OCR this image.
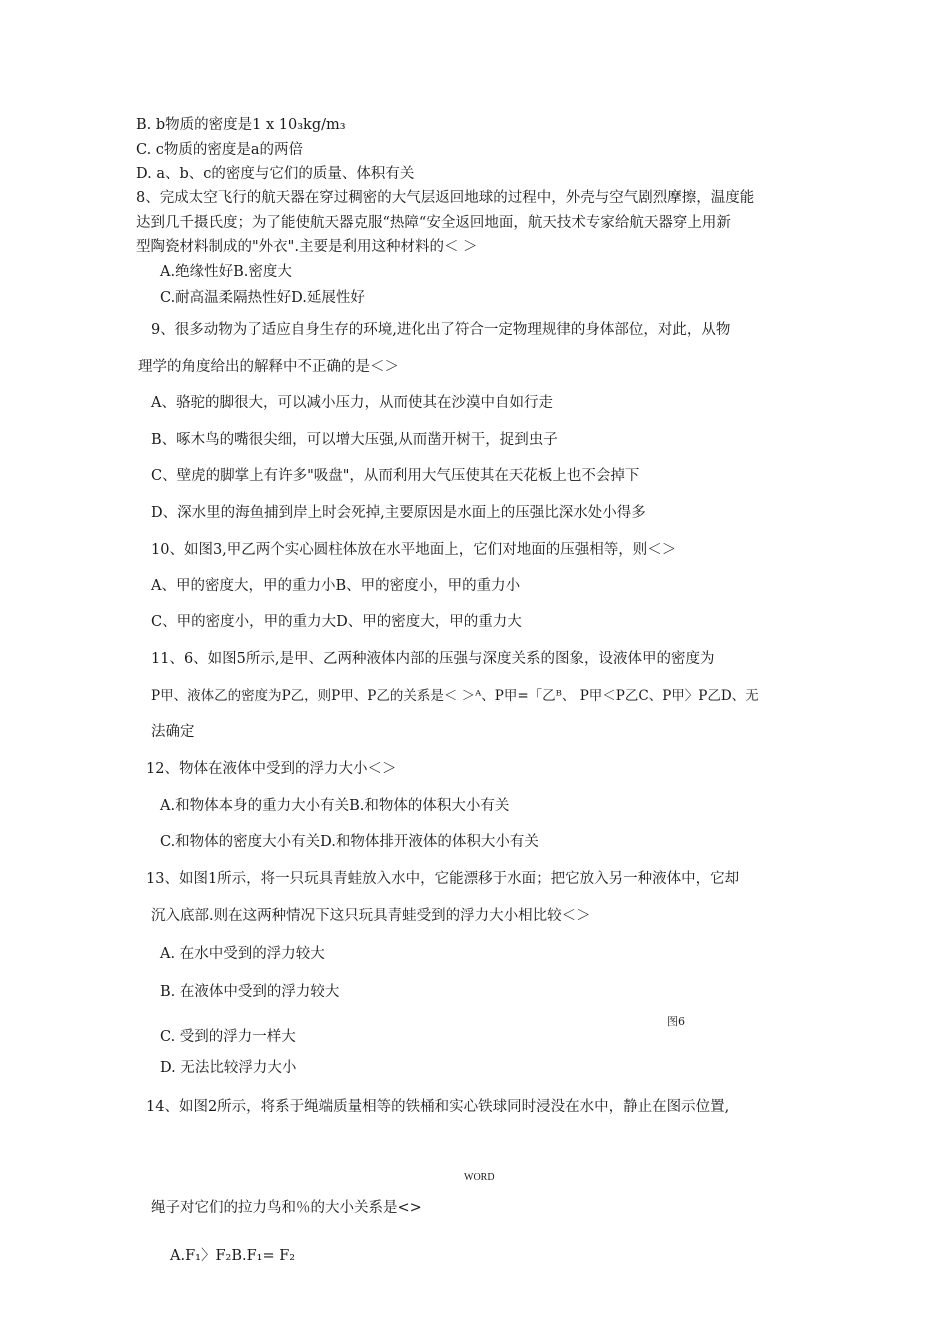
B. b物质的密度是1 x 10₃kg/m₃
C. c物质的密度是a的两倍
D. a、b、c的密度与它们的质量、体积有关
8、完成太空飞行的航天器在穿过稠密的大气层返回地球的过程中，外壳与空气剧烈摩擦，温度能
达到几千摄氏度；为了能使航天器克服“热障“安全返回地面，航天技术专家给航天器穿上用新
型陶瓷材料制成的"外衣".主要是利用这种材料的＜ ＞
A.绝缘性好B.密度大
C.耐高温柔隔热性好D.延展性好
9、很多动物为了适应自身生存的环境,进化出了符合一定物理规律的身体部位，对此，从物
理学的角度给出的解释中不正确的是＜＞
A、骆驼的脚很大，可以减小压力，从而使其在沙漠中自如行走
B、啄木鸟的嘴很尖细，可以增大压强,从而凿开树干，捉到虫子
C、壁虎的脚掌上有许多"吸盘"，从而利用大气压使其在天花板上也不会掉下
D、深水里的海鱼捕到岸上时会死掉,主要原因是水面上的压强比深水处小得多
10、如图3,甲乙两个实心圆柱体放在水平地面上，它们对地面的压强相等，则＜＞
A、甲的密度大，甲的重力小B、甲的密度小，甲的重力小
C、甲的密度小，甲的重力大D、甲的密度大，甲的重力大
11、6、如图5所示,是甲、乙两种液体内部的压强与深度关系的图象，设液体甲的密度为
P甲、液体乙的密度为P乙，则P甲、P乙的关系是＜ ＞ᴬ、P甲=「乙ᴮ、 P甲＜P乙C、P甲〉P乙D、无
法确定
12、物体在液体中受到的浮力大小＜＞
A.和物体本身的重力大小有关B.和物体的体积大小有关
C.和物体的密度大小有关D.和物体排开液体的体积大小有关
13、如图1所示，将一只玩具青蛙放入水中，它能漂移于水面；把它放入另一种液体中，它却
沉入底部.则在这两种情况下这只玩具青蛙受到的浮力大小相比较＜＞
A. 在水中受到的浮力较大
B. 在液体中受到的浮力较大
图6
C. 受到的浮力一样大
D. 无法比较浮力大小
14、如图2所示，将系于绳端质量相等的铁桶和实心铁球同时浸没在水中，静止在图示位置,
WORD
绳子对它们的拉力鸟和％的大小关系是<>
A.F₁〉F₂B.F₁= F₂
